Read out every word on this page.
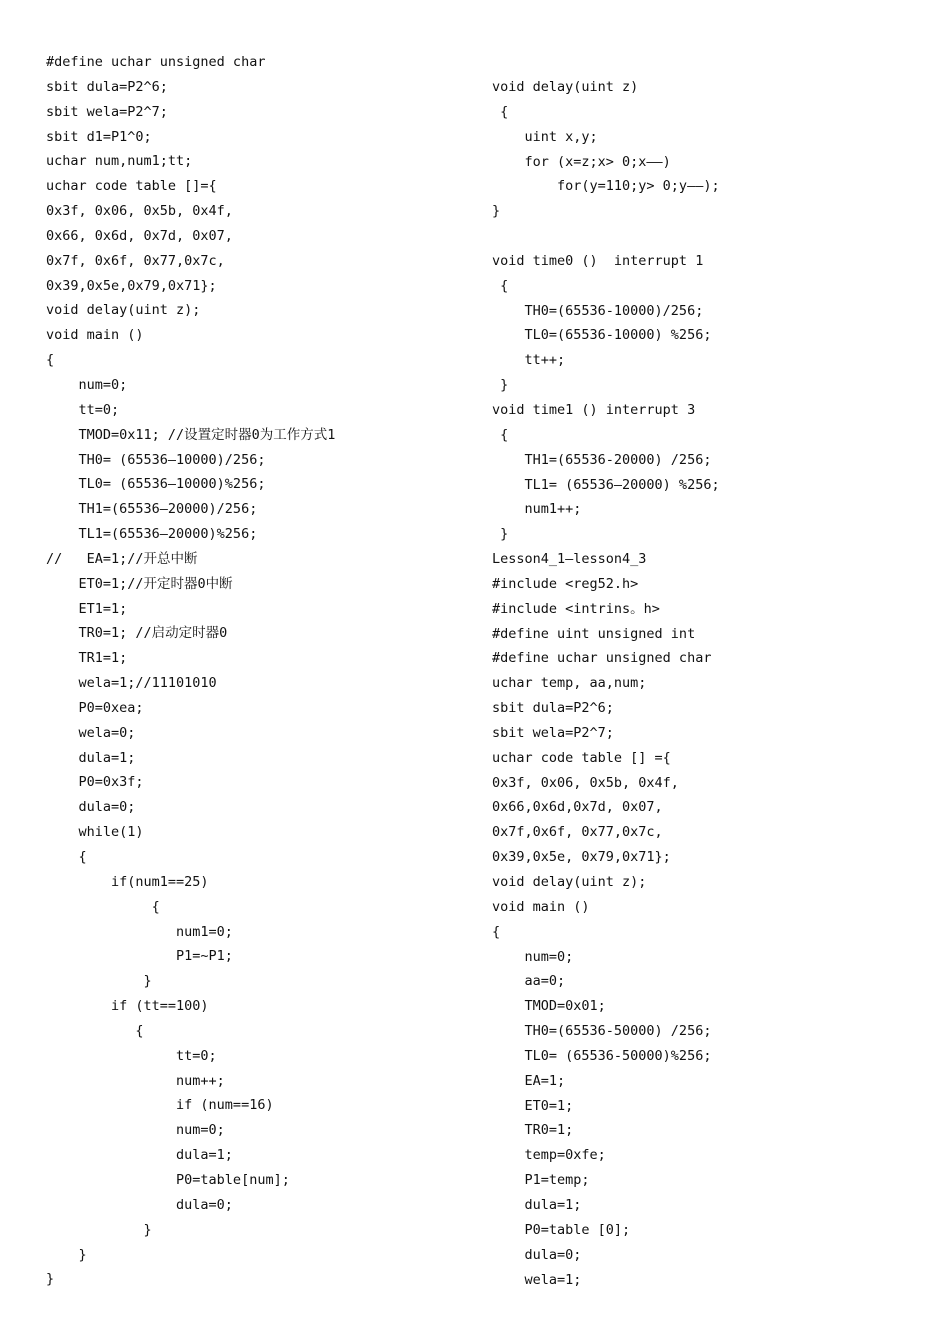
#define uchar unsigned char
sbit dula=P2^6;
sbit wela=P2^7;
sbit d1=P1^0;
uchar num,num1;tt;
uchar code table []={
0x3f, 0x06, 0x5b, 0x4f,
0x66, 0x6d, 0x7d, 0x07,
0x7f, 0x6f, 0x77,0x7c,
0x39,0x5e,0x79,0x71};
void delay(uint z);
void main ()
{
num=0;
tt=0;
TMOD=0x11; //设置定时器0为工作方式1
TH0= (65536—10000)/256;
TL0= (65536—10000)%256;
TH1=(65536—20000)/256;
TL1=(65536—20000)%256;
//   EA=1;//开总中断
ET0=1;//开定时器0中断
ET1=1;
TR0=1; //启动定时器0
TR1=1;
wela=1;//11101010
P0=0xea;
wela=0;
dula=1;
P0=0x3f;
dula=0;
while(1)
{
if(num1==25)
{
num1=0;
P1=~P1;
}
if (tt==100)
{
tt=0;
num++;
if (num==16)
num=0;
dula=1;
P0=table[num];
dula=0;
}
}
}
void delay(uint z)
{
uint x,y;
for (x=z;x> 0;x——)
for(y=110;y> 0;y——);
}
void time0 ()  interrupt 1
{
TH0=(65536-10000)/256;
TL0=(65536-10000) %256;
tt++;
}
void time1 () interrupt 3
{
TH1=(65536-20000) /256;
TL1= (65536—20000) %256;
num1++;
}
Lesson4_1—lesson4_3
#include <reg52.h>
#include <intrins。h>
#define uint unsigned int
#define uchar unsigned char
uchar temp, aa,num;
sbit dula=P2^6;
sbit wela=P2^7;
uchar code table [] ={
0x3f, 0x06, 0x5b, 0x4f,
0x66,0x6d,0x7d, 0x07,
0x7f,0x6f, 0x77,0x7c,
0x39,0x5e, 0x79,0x71};
void delay(uint z);
void main ()
{
num=0;
aa=0;
TMOD=0x01;
TH0=(65536-50000) /256;
TL0= (65536-50000)%256;
EA=1;
ET0=1;
TR0=1;
temp=0xfe;
P1=temp;
dula=1;
P0=table [0];
dula=0;
wela=1;
